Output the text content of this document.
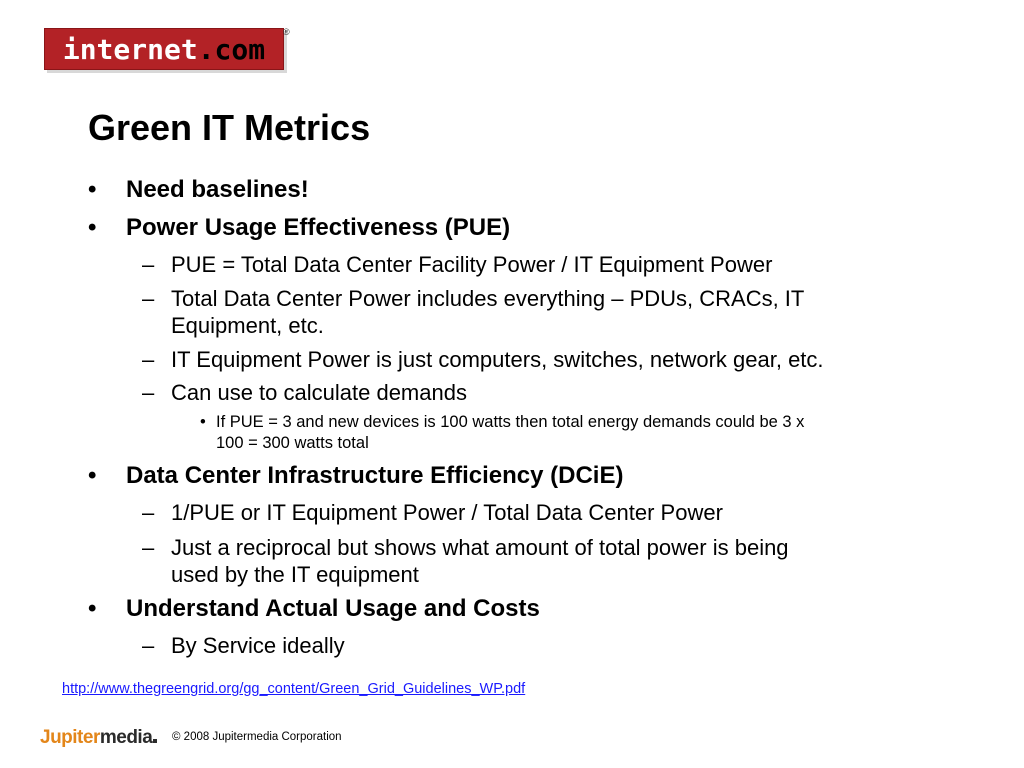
internet .com
®
Green IT Metrics
• Need baselines!
• Power Usage Effectiveness (PUE)
– PUE = Total Data Center Facility Power / IT Equipment Power
– Total Data Center Power includes everything – PDUs, CRACs, IT
Equipment, etc.
– IT Equipment Power is just computers, switches, network gear, etc.
– Can use to calculate demands
• If PUE = 3 and new devices is 100 watts then total energy demands could be 3 x
100 = 300 watts total
• Data Center Infrastructure Efficiency (DCiE)
– 1/PUE or IT Equipment Power / Total Data Center Power
– Just a reciprocal but shows what amount of total power is being
used by the IT equipment
• Understand Actual Usage and Costs
– By Service ideally
http://www.thegreengrid.org/gg_content/Green_Grid_Guidelines_WP.pdf
Jupitermedia	© 2008 Jupitermedia Corporation
